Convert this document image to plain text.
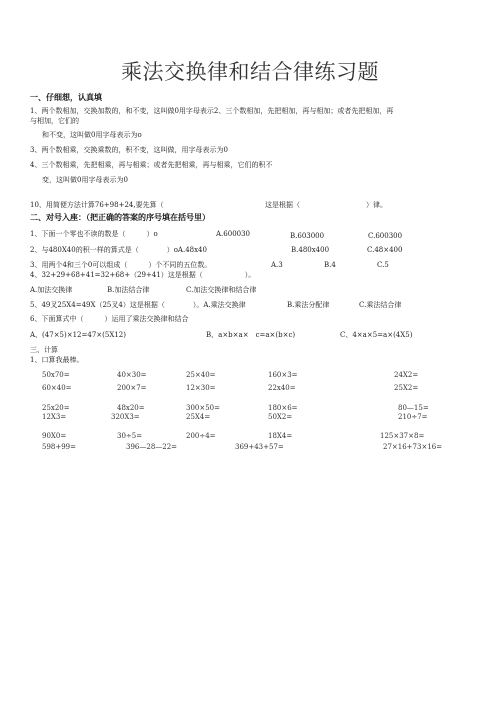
乘法交换律和结合律练习题
一、仔细想，认真填
1、两个数相加，交换加数的，和不变，这叫做0用字母表示2、三个数相加，先把相加，再与相加；或者先把相加，再
与相加，它们的
和不变，这叫做0用字母表示为o
3、两个数相乘，交换乘数的，积不变，这叫做，用字母表示为0
4、三个数相乘，先把相乘，再与相乘；或者先把相乘，再与相乘，它们的积不
变，这叫做0用字母表示为0
10、用简便方法计算76+98+24,要先算（	这是根据（	）律。
二、对号入座：（把正确的答案的序号填在括号里）
1、下面一个零也不读的数是（　　　）o	A.600030	B.603000	C.600300
2、与480X40的积一样的算式是（　　　　）oA.48x40	B.480x400	C.48×400
3、用两个4和三个0可以组成（　　　）个不同的五位数。	A.3	B.4	C.5
4、32+29+68+41=32+68+（29+41）这是根据（　　　　　　）。
A.加法交换律	B.加法结合律	C.加法交换律和结合律
5、49叉25X4=49X（25叉4）这是根据（　　　　）。A.乘法交换律	B.乘法分配律	C.乘法结合律
6、下面算式中（　　　）运用了乘法交换律和结合
A、(47×5)×12=47×(5X12)	B、a×b×a×　c=a×(b×c)	C、4×a×5=a×(4X5)
三、计算
1、口算我最棒。
50x70=	40×30=	25×40=	160×3=	24X2=
60×40=	200×7=	12×30=	22x40=	25X2=
25x20=	48x20=	300×50=	180×6=	80—15=
12X3=	320X3=	25X4=	50X2=	210÷7=
90X0=	30÷5=	200÷4=	18X4=	125×37×8=
598+99=	396—28—22=	369+43+57=	27×16+73×16=
